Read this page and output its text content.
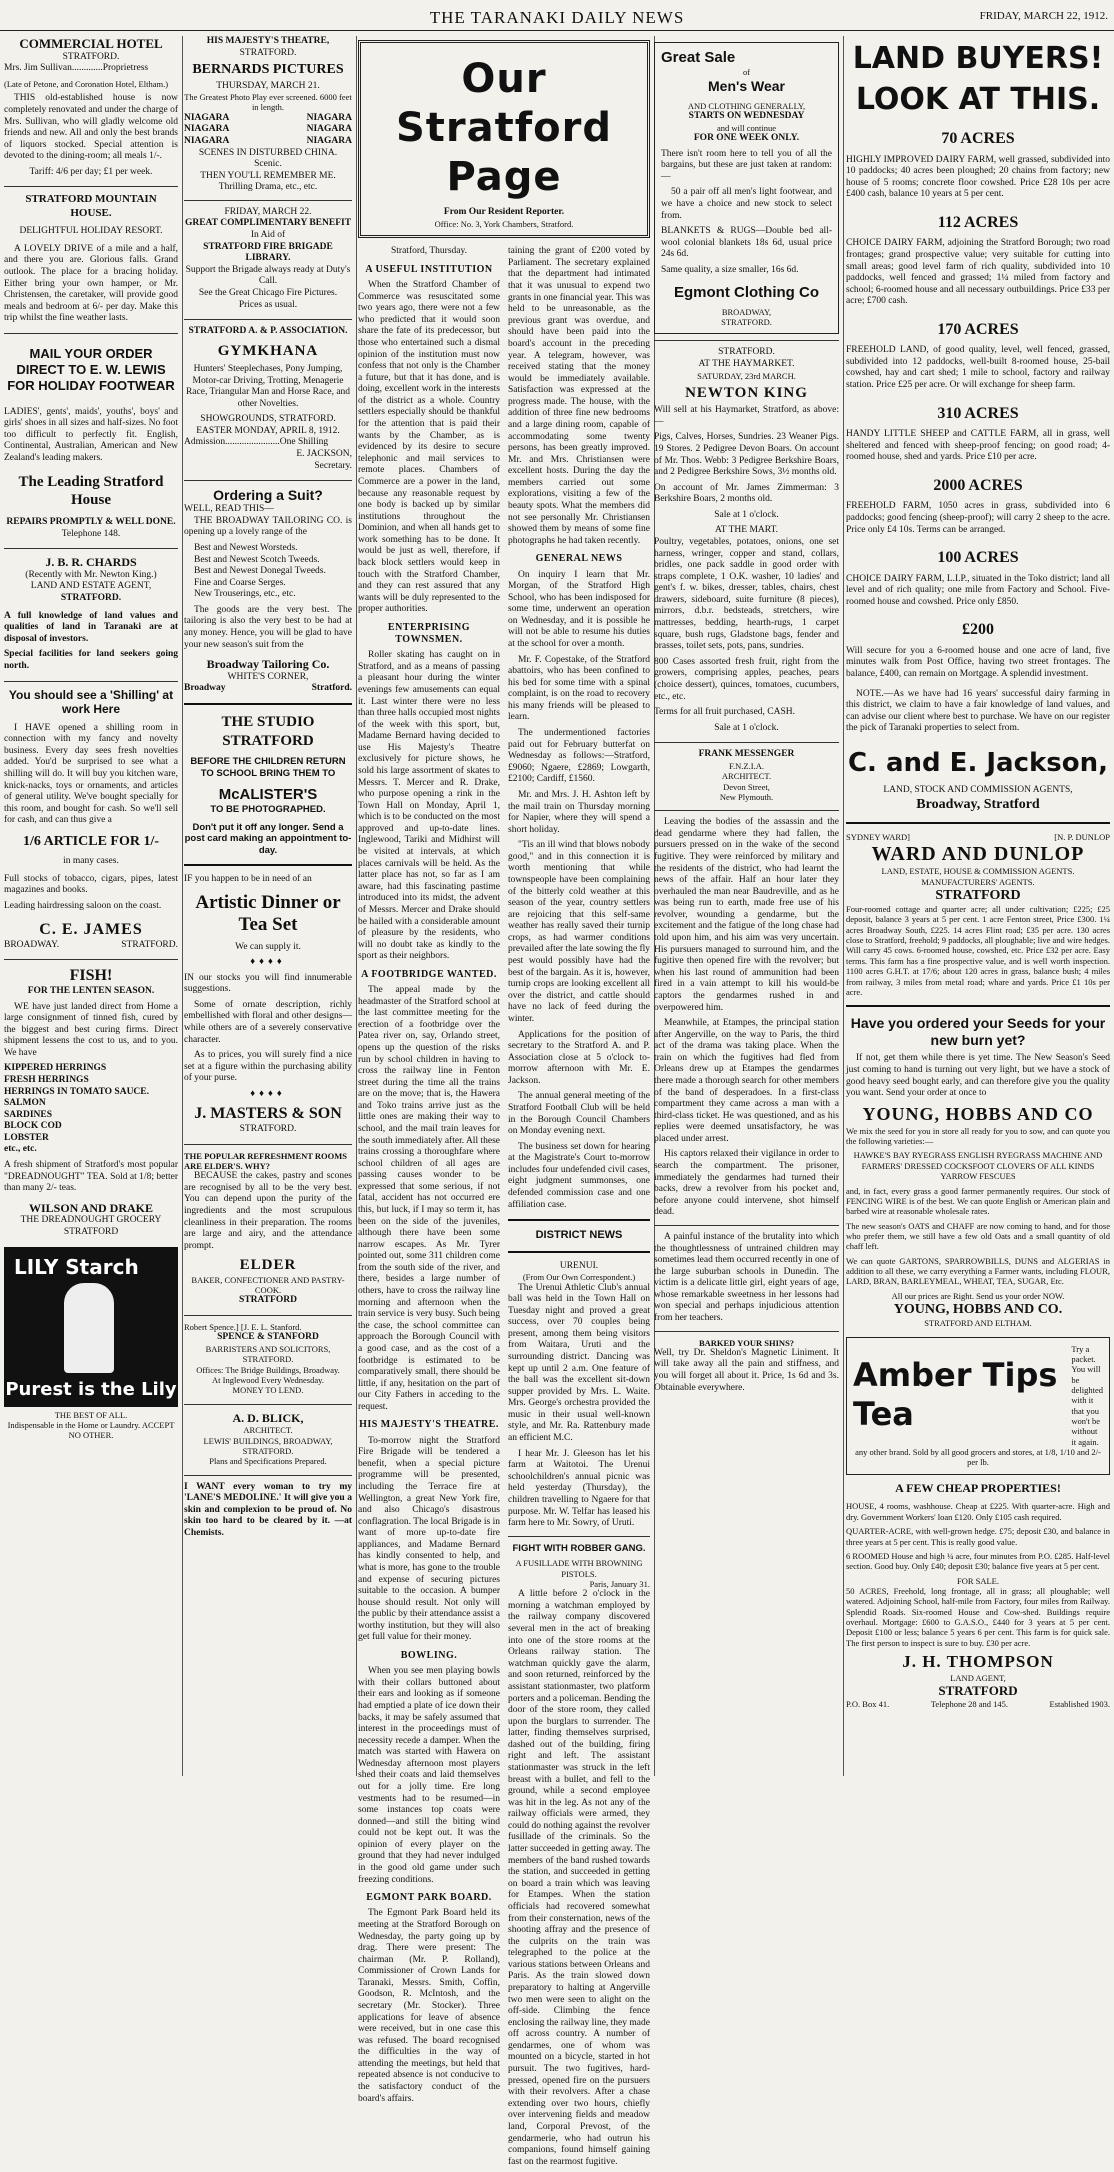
THE TARANAKI DAILY NEWS	FRIDAY, MARCH 22, 1912.
COMMERCIAL HOTEL
STRATFORD.

Mrs. Jim Sullivan.............Proprietress

(Late of Petone, and Coronation Hotel, Eltham.)

THIS old-established house is now completely renovated and under the charge of Mrs. Sullivan, who will gladly welcome old friends and new. All and only the best brands of liquors stocked. Special attention is devoted to the dining-room; all meals 1/-.

Tariff: 4/6 per day; £1 per week.

STRATFORD MOUNTAIN HOUSE.
DELIGHTFUL HOLIDAY RESORT.

A LOVELY DRIVE of a mile and a half, and there you are. Glorious falls. Grand outlook. The place for a bracing holiday. Either bring your own hamper, or Mr. Christensen, the caretaker, will provide good meals and bedroom at 6/- per day. Make this trip whilst the fine weather lasts.

MAIL YOUR ORDER DIRECT TO E. W. LEWIS FOR HOLIDAY FOOTWEAR

LADIES', gents', maids', youths', boys' and girls' shoes in all sizes and half-sizes. No foot too difficult to perfectly fit. English, Continental, Australian, American and New Zealand's leading makers.

The Leading Stratford House
REPAIRS PROMPTLY & WELL DONE.
Telephone 148.
J. B. R. CHARDS
(Recently with Mr. Newton King.)
LAND AND ESTATE AGENT,
STRATFORD.

A full knowledge of land values and qualities of land in Taranaki are at disposal of investors.

Special facilities for land seekers going north.

You should see a 'Shilling' at work Here

I HAVE opened a shilling room in connection with my fancy and novelty business. Every day sees fresh novelties added. You'd be surprised to see what a shilling will do. It will buy you kitchen ware, knick-nacks, toys or ornaments, and articles of general utility. We've bought specially for this room, and bought for cash. So we'll sell for cash, and can thus give a

1/6 ARTICLE FOR 1/-
in many cases.

Full stocks of tobacco, cigars, pipes, latest magazines and books.

Leading hairdressing saloon on the coast.

C. E. JAMES
BROADWAY.	STRATFORD.
FISH!
FOR THE LENTEN SEASON.

WE have just landed direct from Home a large consignment of tinned fish, cured by the biggest and best curing firms. Direct shipment lessens the cost to us, and to you. We have

KIPPERED HERRINGS
FRESH HERRINGS
HERRINGS IN TOMATO SAUCE.
SALMON
SARDINES
BLOCK COD
LOBSTER
etc., etc.

A fresh shipment of Stratford's most popular "DREADNOUGHT" TEA. Sold at 1/8; better than many 2/- teas.

WILSON AND DRAKE
THE DREADNOUGHT GROCERY
STRATFORD
LILY Starch
Purest is the Lily
THE BEST OF ALL.
Indispensable in the Home or Laundry. ACCEPT NO OTHER.
HIS MAJESTY'S THEATRE,
STRATFORD.
BERNARDS PICTURES
THURSDAY, MARCH 21.
The Greatest Photo Play ever screened. 6000 feet in length.
NIAGARA
NIAGARA
NIAGARA
NIAGARA
NIAGARA
NIAGARA
SCENES IN DISTURBED CHINA.
Scenic.
THEN YOU'LL REMEMBER ME.
Thrilling Drama, etc., etc.
FRIDAY, MARCH 22.
GREAT COMPLIMENTARY BENEFIT
In Aid of
STRATFORD FIRE BRIGADE LIBRARY.
Support the Brigade always ready at Duty's Call.
See the Great Chicago Fire Pictures.
Prices as usual.
STRATFORD A. & P. ASSOCIATION.
GYMKHANA

Hunters' Steeplechases, Pony Jumping, Motor-car Driving, Trotting, Menagerie Race, Triangular Man and Horse Race, and other Novelties.

SHOWGROUNDS, STRATFORD.
EASTER MONDAY, APRIL 8, 1912.
Admission.......................One Shilling
E. JACKSON,
Secretary.
Ordering a Suit?
WELL, READ THIS—

THE BROADWAY TAILORING CO. is opening up a lovely range of the

Best and Newest Worsteds.
Best and Newest Scotch Tweeds.
Best and Newest Donegal Tweeds.
Fine and Coarse Serges.
New Trouserings, etc., etc.

The goods are the very best. The tailoring is also the very best to be had at any money. Hence, you will be glad to have your new season's suit from the

Broadway Tailoring Co.
WHITE'S CORNER,
Broadway	Stratford.
THE STUDIO STRATFORD
BEFORE THE CHILDREN RETURN TO SCHOOL BRING THEM TO
McALISTER'S
TO BE PHOTOGRAPHED.
Don't put it off any longer. Send a post card making an appointment to-day.

IF you happen to be in need of an

Artistic Dinner or Tea Set
We can supply it.
♦♦♦♦

IN our stocks you will find innumerable suggestions.

Some of ornate description, richly embellished with floral and other designs—while others are of a severely conservative character.

As to prices, you will surely find a nice set at a figure within the purchasing ability of your purse.

♦♦♦♦
J. MASTERS & SON
STRATFORD.
THE POPULAR REFRESHMENT ROOMS ARE ELDER'S. WHY?

BECAUSE the cakes, pastry and scones are recognised by all to be the very best. You can depend upon the purity of the ingredients and the most scrupulous cleanliness in their preparation. The rooms are large and airy, and the attendance prompt.

ELDER
BAKER, CONFECTIONER AND PASTRY-COOK.
STRATFORD
Robert Spence.] [J. E. L. Stanford.
SPENCE & STANFORD
BARRISTERS AND SOLICITORS, STRATFORD.
Offices: The Bridge Buildings, Broadway.
At Inglewood Every Wednesday.
MONEY TO LEND.
A. D. BLICK,
ARCHITECT.
LEWIS' BUILDINGS, BROADWAY, STRATFORD.
Plans and Specifications Prepared.

I WANT every woman to try my 'LANE'S MEDOLINE.' It will give you a skin and complexion to be proud of. No skin too hard to be cleared by it. —at Chemists.

Our Stratford Page
From Our Resident Reporter.
Office: No. 3, York Chambers, Stratford.
Stratford, Thursday.
A USEFUL INSTITUTION

When the Stratford Chamber of Commerce was resuscitated some two years ago, there were not a few who predicted that it would soon share the fate of its predecessor, but those who entertained such a dismal opinion of the institution must now confess that not only is the Chamber a future, but that it has done, and is doing, excellent work in the interests of the district as a whole. Country settlers especially should be thankful for the attention that is paid their wants by the Chamber, as is evidenced by its desire to secure telephonic and mail services to remote places. Chambers of Commerce are a power in the land, because any reasonable request by one body is backed up by similar institutions throughout the Dominion, and when all hands get to work something has to be done. It would be just as well, therefore, if back block settlers would keep in touch with the Stratford Chamber, and they can rest assured that any wants will be duly represented to the proper authorities.

ENTERPRISING TOWNSMEN.

Roller skating has caught on in Stratford, and as a means of passing a pleasant hour during the winter evenings few amusements can equal it. Last winter there were no less than three halls occupied most nights of the week with this sport, but, Madame Bernard having decided to use His Majesty's Theatre exclusively for picture shows, he sold his large assortment of skates to Messrs. T. Mercer and R. Drake, who purpose opening a rink in the Town Hall on Monday, April 1, which is to be conducted on the most approved and up-to-date lines. Inglewood, Tariki and Midhirst will be visited at intervals, at which places carnivals will be held. As the latter place has not, so far as I am aware, had this fascinating pastime introduced into its midst, the advent of Messrs. Mercer and Drake should be hailed with a considerable amount of pleasure by the residents, who will no doubt take as kindly to the sport as their neighbors.

A FOOTBRIDGE WANTED.

The appeal made by the headmaster of the Stratford school at the last committee meeting for the erection of a footbridge over the Patea river on, say, Orlando street, opens up the question of the risks run by school children in having to cross the railway line in Fenton street during the time all the trains are on the move; that is, the Hawera and Toko trains arrive just as the little ones are making their way to school, and the mail train leaves for the south immediately after. All these trains crossing a thoroughfare where school children of all ages are passing causes wonder to be expressed that some serious, if not fatal, accident has not occurred ere this, but luck, if I may so term it, has been on the side of the juveniles, although there have been some narrow escapes. As Mr. Tyrer pointed out, some 311 children come from the south side of the river, and there, besides a large number of others, have to cross the railway line morning and afternoon when the train service is very busy. Such being the case, the school committee can approach the Borough Council with a good case, and as the cost of a footbridge is estimated to be comparatively small, there should be little, if any, hesitation on the part of our City Fathers in acceding to the request.

HIS MAJESTY'S THEATRE.

To-morrow night the Stratford Fire Brigade will be tendered a benefit, when a special picture programme will be presented, including the Terrace fire at Wellington, a great New York fire, and also Chicago's disastrous conflagration. The local Brigade is in want of more up-to-date fire appliances, and Madame Bernard has kindly consented to help, and what is more, has gone to the trouble and expense of securing pictures suitable to the occasion. A bumper house should result. Not only will the public by their attendance assist a worthy institution, but they will also get full value for their money.

BOWLING.

When you see men playing bowls with their collars buttoned about their ears and looking as if someone had emptied a plate of ice down their backs, it may be safely assumed that interest in the proceedings must of necessity recede a damper. When the match was started with Hawera on Wednesday afternoon most players shed their coats and laid themselves out for a jolly time. Ere long vestments had to be resumed—in some instances top coats were donned—and still the biting wind could not be kept out. It was the opinion of every player on the ground that they had never indulged in the good old game under such freezing conditions.

EGMONT PARK BOARD.

The Egmont Park Board held its meeting at the Stratford Borough on Wednesday, the party going up by drag. There were present: The chairman (Mr. P. Rolland), Commissioner of Crown Lands for Taranaki, Messrs. Smith, Coffin, Goodson, R. McIntosh, and the secretary (Mr. Stocker). Three applications for leave of absence were received, but in one case this was refused. The board recognised the difficulties in the way of attending the meetings, but held that repeated absence is not conducive to the satisfactory conduct of the board's affairs.

taining the grant of £200 voted by Parliament. The secretary explained that the department had intimated that it was unusual to expend two grants in one financial year. This was held to be unreasonable, as the previous grant was overdue, and should have been paid into the board's account in the preceding year. A telegram, however, was received stating that the money would be immediately available. Satisfaction was expressed at the progress made. The house, with the addition of three fine new bedrooms and a large dining room, capable of accommodating some twenty persons, has been greatly improved. Mr. and Mrs. Christiansen were excellent hosts. During the day the members carried out some explorations, visiting a few of the beauty spots. What the members did not see personally Mr. Christiansen showed them by means of some fine photographs he had taken recently.

GENERAL NEWS

On inquiry I learn that Mr. Morgan, of the Stratford High School, who has been indisposed for some time, underwent an operation on Wednesday, and it is possible he will not be able to resume his duties at the school for over a month.

Mr. F. Copestake, of the Stratford abattoirs, who has been confined to his bed for some time with a spinal complaint, is on the road to recovery his many friends will be pleased to learn.

The undermentioned factories paid out for February butterfat on Wednesday as follows:—Stratford, £9060; Ngaere, £2869; Lowgarth, £2100; Cardiff, £1560.

Mr. and Mrs. J. H. Ashton left by the mail train on Thursday morning for Napier, where they will spend a short holiday.

"Tis an ill wind that blows nobody good," and in this connection it is worth mentioning that while townspeople have been complaining of the bitterly cold weather at this season of the year, country settlers are rejoicing that this self-same weather has really saved their turnip crops, as had warmer conditions prevailed after the late sowing the fly pest would possibly have had the best of the bargain. As it is, however, turnip crops are looking excellent all over the district, and cattle should have no lack of feed during the winter.

Applications for the position of secretary to the Stratford A. and P. Association close at 5 o'clock to-morrow afternoon with Mr. E. Jackson.

The annual general meeting of the Stratford Football Club will be held in the Borough Council Chambers on Monday evening next.

The business set down for hearing at the Magistrate's Court to-morrow includes four undefended civil cases, eight judgment summonses, one defended commission case and one affiliation case.

DISTRICT NEWS
URENUI.
(From Our Own Correspondent.)

The Urenui Athletic Club's annual ball was held in the Town Hall on Tuesday night and proved a great success, over 70 couples being present, among them being visitors from Waitara, Uruti and the surrounding district. Dancing was kept up until 2 a.m. One feature of the ball was the excellent sit-down supper provided by Mrs. L. Waite. Mrs. George's orchestra provided the music in their usual well-known style, and Mr. Ra. Rattenbury made an efficient M.C.

I hear Mr. J. Gleeson has let his farm at Waitotoi. The Urenui schoolchildren's annual picnic was held yesterday (Thursday), the children travelling to Ngaere for that purpose. Mr. W. Telfar has leased his farm here to Mr. Sowry, of Uruti.

FIGHT WITH ROBBER GANG.
A FUSILLADE WITH BROWNING PISTOLS.
Paris, January 31.

A little before 2 o'clock in the morning a watchman employed by the railway company discovered several men in the act of breaking into one of the store rooms at the Orleans railway station. The watchman quickly gave the alarm, and soon returned, reinforced by the assistant stationmaster, two platform porters and a policeman. Bending the door of the store room, they called upon the burglars to surrender. The latter, finding themselves surprised, dashed out of the building, firing right and left. The assistant stationmaster was struck in the left breast with a bullet, and fell to the ground, while a second employee was hit in the leg. As not any of the railway officials were armed, they could do nothing against the revolver fusillade of the criminals. So the latter succeeded in getting away. The members of the band rushed towards the station, and succeeded in getting on board a train which was leaving for Etampes. When the station officials had recovered somewhat from their consternation, news of the shooting affray and the presence of the culprits on the train was telegraphed to the police at the various stations between Orleans and Paris. As the train slowed down preparatory to halting at Angerville two men were seen to alight on the off-side. Climbing the fence enclosing the railway line, they made off across country. A number of gendarmes, one of whom was mounted on a bicycle, started in hot pursuit. The two fugitives, hard-pressed, opened fire on the pursuers with their revolvers. After a chase extending over two hours, chiefly over intervening fields and meadow land, Corporal Prevost, of the gendarmerie, who had outrun his companions, found himself gaining fast on the rearmost fugitive.

Great Sale
of
Men's Wear
AND CLOTHING GENERALLY,
STARTS ON WEDNESDAY
and will continue
FOR ONE WEEK ONLY.

There isn't room here to tell you of all the bargains, but these are just taken at random:—

50 a pair off all men's light footwear, and we have a choice and new stock to select from.

BLANKETS & RUGS—Double bed all-wool colonial blankets 18s 6d, usual price 24s 6d.

Same quality, a size smaller, 16s 6d.

Egmont Clothing Co
BROADWAY,
STRATFORD.
STRATFORD.
AT THE HAYMARKET.
SATURDAY, 23rd MARCH.
NEWTON KING

Will sell at his Haymarket, Stratford, as above:—

Pigs, Calves, Horses, Sundries. 23 Weaner Pigs. 19 Stores. 2 Pedigree Devon Boars. On account of Mr. Thos. Webb: 3 Pedigree Berkshire Boars, and 2 Pedigree Berkshire Sows, 3½ months old.

On account of Mr. James Zimmerman: 3 Berkshire Boars, 2 months old.

Sale at 1 o'clock.
AT THE MART.

Poultry, vegetables, potatoes, onions, one set harness, wringer, copper and stand, collars, bridles, one pack saddle in good order with straps complete, 1 O.K. washer, 10 ladies' and gent's f. w. bikes, dresser, tables, chairs, chest drawers, sideboard, suite furniture (8 pieces), mirrors, d.b.r. bedsteads, stretchers, wire mattresses, bedding, hearth-rugs, 1 carpet square, bush rugs, Gladstone bags, fender and brasses, toilet sets, pots, pans, sundries.

800 Cases assorted fresh fruit, right from the growers, comprising apples, peaches, pears (choice dessert), quinces, tomatoes, cucumbers, etc., etc.

Terms for all fruit purchased, CASH.

Sale at 1 o'clock.
FRANK MESSENGER
F.N.Z.I.A.
ARCHITECT.
Devon Street,
New Plymouth.

Leaving the bodies of the assassin and the dead gendarme where they had fallen, the pursuers pressed on in the wake of the second fugitive. They were reinforced by military and the residents of the district, who had learnt the news of the affair. Half an hour later they overhauled the man near Baudreville, and as he was being run to earth, made free use of his revolver, wounding a gendarme, but the excitement and the fatigue of the long chase had told upon him, and his aim was very uncertain. His pursuers managed to surround him, and the fugitive then opened fire with the revolver; but when his last round of ammunition had been fired in a vain attempt to kill his would-be captors the gendarmes rushed in and overpowered him.

Meanwhile, at Etampes, the principal station after Angerville, on the way to Paris, the third act of the drama was taking place. When the train on which the fugitives had fled from Orleans drew up at Etampes the gendarmes there made a thorough search for other members of the band of desperadoes. In a first-class compartment they came across a man with a third-class ticket. He was questioned, and as his replies were deemed unsatisfactory, he was placed under arrest.

His captors relaxed their vigilance in order to search the compartment. The prisoner, immediately the gendarmes had turned their backs, drew a revolver from his pocket and, before anyone could intervene, shot himself dead.

A painful instance of the brutality into which the thoughtlessness of untrained children may sometimes lead them occurred recently in one of the large suburban schools in Dunedin. The victim is a delicate little girl, eight years of age, whose remarkable sweetness in her lessons had won special and perhaps injudicious attention from her teachers.

BARKED YOUR SHINS?

Well, try Dr. Sheldon's Magnetic Liniment. It will take away all the pain and stiffness, and you will forget all about it. Price, 1s 6d and 3s. Obtainable everywhere.

LAND BUYERS!
LOOK AT THIS.
70 ACRES

HIGHLY IMPROVED DAIRY FARM, well grassed, subdivided into 10 paddocks; 40 acres been ploughed; 20 chains from factory; new house of 5 rooms; concrete floor cowshed. Price £28 10s per acre £400 cash, balance 10 years at 5 per cent.

112 ACRES

CHOICE DAIRY FARM, adjoining the Stratford Borough; two road frontages; grand prospective value; very suitable for cutting into small areas; good level farm of rich quality, subdivided into 10 paddocks, well fenced and grassed; 1¼ miled from factory and school; 6-roomed house and all necessary outbuildings. Price £33 per acre; £700 cash.

170 ACRES

FREEHOLD LAND, of good quality, level, well fenced, grassed, subdivided into 12 paddocks, well-built 8-roomed house, 25-bail cowshed, hay and cart shed; 1 mile to school, factory and railway station. Price £25 per acre. Or will exchange for sheep farm.

310 ACRES

HANDY LITTLE SHEEP and CATTLE FARM, all in grass, well sheltered and fenced with sheep-proof fencing; on good road; 4-roomed house, shed and yards. Price £10 per acre.

2000 ACRES

FREEHOLD FARM, 1050 acres in grass, subdivided into 6 paddocks; good fencing (sheep-proof); will carry 2 sheep to the acre. Price only £4 10s. Terms can be arranged.

100 ACRES

CHOICE DAIRY FARM, L.I.P., situated in the Toko district; land all level and of rich quality; one mile from Factory and School. Five-roomed house and cowshed. Price only £850.

£200

Will secure for you a 6-roomed house and one acre of land, five minutes walk from Post Office, having two street frontages. The balance, £400, can remain on Mortgage. A splendid investment.

NOTE.—As we have had 16 years' successful dairy farming in this district, we claim to have a fair knowledge of land values, and can advise our client where best to purchase. We have on our register the pick of Taranaki properties to select from.

C. and E. Jackson,
LAND, STOCK AND COMMISSION AGENTS,
Broadway, Stratford
SYDNEY WARD]	[N. P. DUNLOP
WARD AND DUNLOP
LAND, ESTATE, HOUSE & COMMISSION AGENTS. MANUFACTURERS' AGENTS.
STRATFORD

Four-roomed cottage and quarter acre; all under cultivation; £225; £25 deposit, balance 3 years at 5 per cent. 1 acre Fenton street, Price £300. 1¼ acres Broadway South, £225. 14 acres Flint road; £35 per acre. 130 acres close to Stratford, freehold; 9 paddocks, all ploughable; live and wire hedges. Will carry 45 cows. 6-roomed house, cowshed, etc. Price £32 per acre. Easy terms. This farm has a fine prospective value, and is well worth inspection. 1100 acres G.H.T. at 17/6; about 120 acres in grass, balance bush; 4 miles from railway, 3 miles from metal road; whare and yards. Price £1 10s per acre.

Have you ordered your Seeds for your new burn yet?

If not, get them while there is yet time. The New Season's Seed just coming to hand is turning out very light, but we have a stock of good heavy seed bought early, and can therefore give you the quality you want. Send your order at once to

YOUNG, HOBBS AND CO

We mix the seed for you in store all ready for you to sow, and can quote you the following varieties:—

HAWKE'S BAY RYEGRASS ENGLISH RYEGRASS MACHINE AND FARMERS' DRESSED COCKSFOOT CLOVERS OF ALL KINDS YARROW FESCUES

and, in fact, every grass a good farmer permanently requires. Our stock of FENCING WIRE is of the best. We can quote English or American plain and barbed wire at reasonable wholesale rates.

The new season's OATS and CHAFF are now coming to hand, and for those who prefer them, we still have a few old Oats and a small quantity of old chaff left.

We can quote GARTONS, SPARROWBILLS, DUNS and ALGERIAS in addition to all these, we carry everything a Farmer wants, including FLOUR, LARD, BRAN, BARLEYMEAL, WHEAT, TEA, SUGAR, Etc.

All our prices are Right. Send us your order NOW.
YOUNG, HOBBS AND CO.
STRATFORD AND ELTHAM.
Amber Tips Tea
Try a packet. You will be delighted with it that you won't be without it again.
any other brand. Sold by all good grocers and stores, at 1/8, 1/10 and 2/- per lb.
A FEW CHEAP PROPERTIES!

HOUSE, 4 rooms, washhouse. Cheap at £225. With quarter-acre. High and dry. Government Workers' loan £120. Only £105 cash required.

QUARTER-ACRE, with well-grown hedge. £75; deposit £30, and balance in three years at 5 per cent. This is really good value.

6 ROOMED House and high ¼ acre, four minutes from P.O. £285. Half-level section. Good buy. Only £40; deposit £30; balance five years at 5 per cent.

FOR SALE.

50 ACRES, Freehold, long frontage, all in grass; all ploughable; well watered. Adjoining School, half-mile from Factory, four miles from Railway. Splendid Roads. Six-roomed House and Cow-shed. Buildings require overhaul. Mortgage: £600 to G.A.S.O., £440 for 3 years at 5 per cent. Deposit £100 or less; balance 5 years 6 per cent. This farm is for quick sale. The first person to inspect is sure to buy. £30 per acre.

J. H. THOMPSON
LAND AGENT,
STRATFORD
P.O. Box 41.	Telephone 28 and 145.	Established 1903.
